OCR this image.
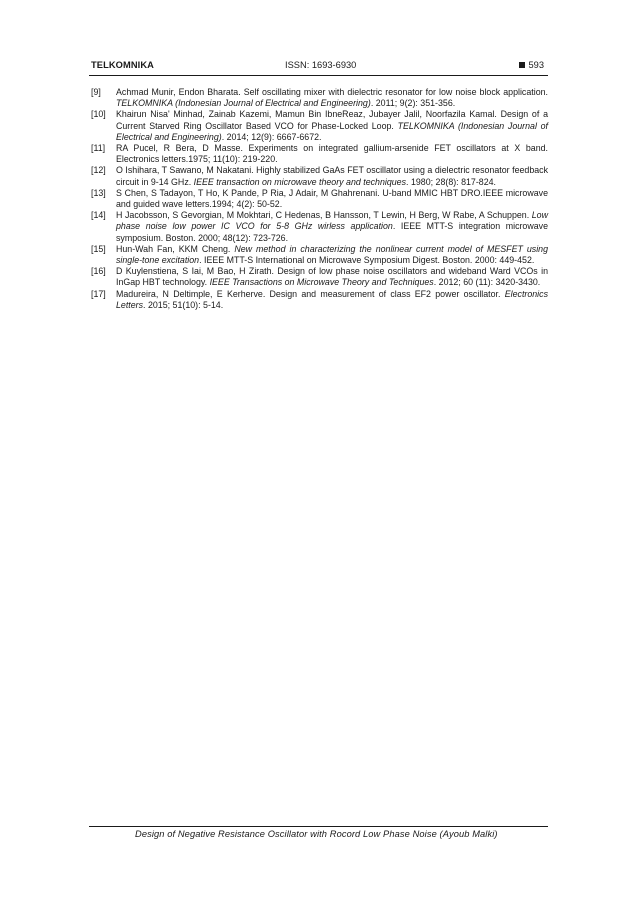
TELKOMNIKA	ISSN: 1693-6930	593
[9] Achmad Munir, Endon Bharata. Self oscillating mixer with dielectric resonator for low noise block application. TELKOMNIKA (Indonesian Journal of Electrical and Engineering). 2011; 9(2): 351-356.
[10] Khairun Nisa' Minhad, Zainab Kazemi, Mamun Bin IbneReaz, Jubayer Jalil, Noorfazila Kamal. Design of a Current Starved Ring Oscillator Based VCO for Phase-Locked Loop. TELKOMNIKA (Indonesian Journal of Electrical and Engineering). 2014; 12(9): 6667-6672.
[11] RA Pucel, R Bera, D Masse. Experiments on integrated gallium-arsenide FET oscillators at X band. Electronics letters.1975; 11(10): 219-220.
[12] O Ishihara, T Sawano, M Nakatani. Highly stabilized GaAs FET oscillator using a dielectric resonator feedback circuit in 9-14 GHz. IEEE transaction on microwave theory and techniques. 1980; 28(8): 817-824.
[13] S Chen, S Tadayon, T Ho, K Pande, P Ria, J Adair, M Ghahrenani. U-band MMIC HBT DRO.IEEE microwave and guided wave letters.1994; 4(2): 50-52.
[14] H Jacobsson, S Gevorgian, M Mokhtari, C Hedenas, B Hansson, T Lewin, H Berg, W Rabe, A Schuppen. Low phase noise low power IC VCO for 5-8 GHz wirless application. IEEE MTT-S integration microwave symposium. Boston. 2000; 48(12): 723-726.
[15] Hun-Wah Fan, KKM Cheng. New method in characterizing the nonlinear current model of MESFET using single-tone excitation. IEEE MTT-S International on Microwave Symposium Digest. Boston. 2000: 449-452.
[16] D Kuylenstiena, S Iai, M Bao, H Zirath. Design of low phase noise oscillators and wideband Ward VCOs in InGap HBT technology. IEEE Transactions on Microwave Theory and Techniques. 2012; 60 (11): 3420-3430.
[17] Madureira, N Deltimple, E Kerherve. Design and measurement of class EF2 power oscillator. Electronics Letters. 2015; 51(10): 5-14.
Design of Negative Resistance Oscillator with Rocord Low Phase Noise (Ayoub Malki)
